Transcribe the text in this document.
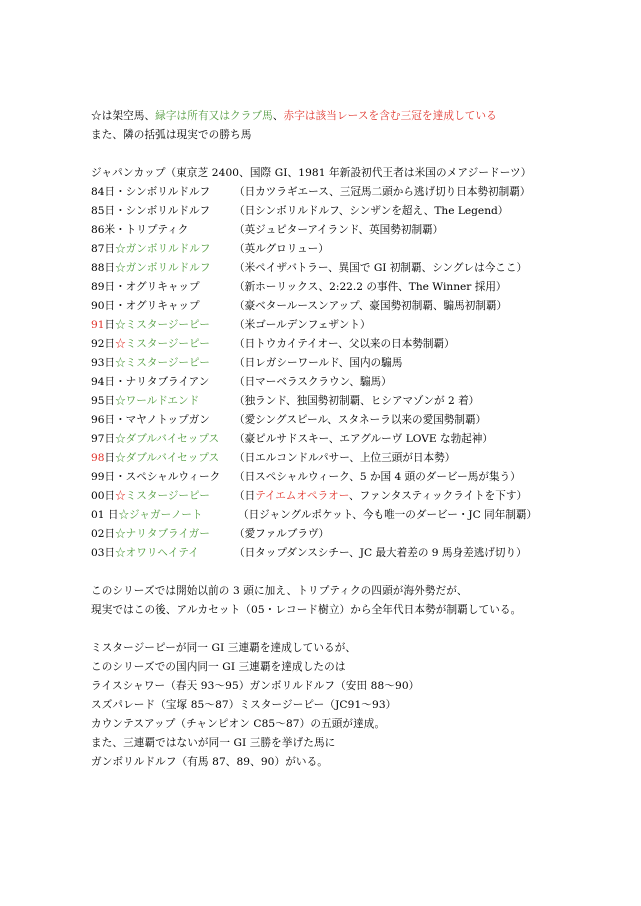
☆は架空馬、緑字は所有又はクラブ馬、赤字は該当レースを含む三冠を達成している
また、隣の括弧は現実での勝ち馬
ジャパンカップ（東京芝 2400、国際 GI、1981 年新設初代王者は米国のメアジードーツ）
84日・シンボリルドルフ （日カツラギエース、三冠馬二頭から逃げ切り日本勢初制覇）
85日・シンボリルドルフ （日シンボリルドルフ、シンザンを超え、The Legend）
86米・トリプティク	（英ジュピターアイランド、英国勢初制覇）
87日☆ガンボリルドルフ （英ルグロリュー）
88日☆ガンボリルドルフ （米ペイザバトラー、異国で GI 初制覇、シングレは今ここ）
89日・オグリキャップ	（新ホーリックス、2:22.2 の事件、The Winner 採用）
90日・オグリキャップ	（豪ベタールースンアップ、豪国勢初制覇、騸馬初制覇）
91日☆ミスタージーピー （米ゴールデンフェザント）
92日☆ミスタージーピー （日トウカイテイオー、父以来の日本勢制覇）
93日☆ミスタージーピー （日レガシーワールド、国内の騸馬
94日・ナリタブライアン （日マーベラスクラウン、騸馬）
95日☆ワールドエンド	（独ランド、独国勢初制覇、ヒシアマゾンが 2 着）
96日・マヤノトップガン （愛シングスピール、スタネーラ以来の愛国勢制覇）
97日☆ダブルバイセップス （豪ピルサドスキー、エアグルーヴ LOVE な勃起神）
98日☆ダブルバイセップス （日エルコンドルパサー、上位三頭が日本勢）
99日・スペシャルウィーク （日スペシャルウィーク、5 か国 4 頭のダービー馬が集う）
00日☆ミスタージーピー （日テイエムオペラオー、ファンタスティックライトを下す）
01 日☆ジャガーノート	（日ジャングルポケット、今も唯一のダービー・JC 同年制覇）
02日☆ナリタブライガー （愛ファルブラヴ）
03日☆オワリヘイテイ	（日タップダンスシチー、JC 最大着差の 9 馬身差逃げ切り）
このシリーズでは開始以前の 3 頭に加え、トリプティクの四頭が海外勢だが、
現実ではこの後、アルカセット（05・レコード樹立）から全年代日本勢が制覇している。
ミスタージーピーが同一 GI 三連覇を達成しているが、
このシリーズでの国内同一 GI 三連覇を達成したのは
ライスシャワー（春天 93～95）ガンボリルドルフ（安田 88～90）
スズパレード（宝塚 85～87）ミスタージーピー（JC91～93）
カウンテスアップ（チャンピオン C85～87）の五頭が達成。
また、三連覇ではないが同一 GI 三勝を挙げた馬に
ガンボリルドルフ（有馬 87、89、90）がいる。
